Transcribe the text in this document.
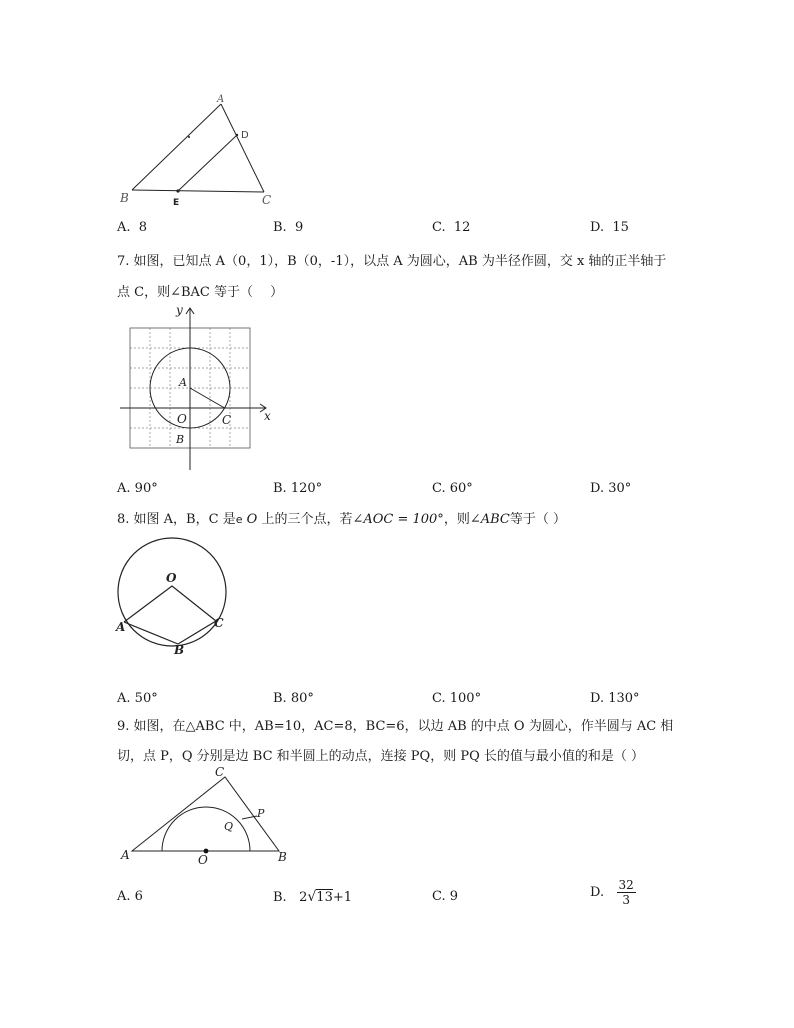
A
D
B	E	C
A. 8	B. 9	C. 12	D. 15
7. 如图，已知点 A（0，1），B（0，-1），以点 A 为圆心，AB 为半径作圆，交 x 轴的正半轴于
点 C，则∠BAC 等于（　 ）
y
x
A
O	C
B
A. 90°	B. 120°	C. 60°	D. 30°
8. 如图 A，B，C 是e O 上的三个点，若∠AOC = 100°，则∠ABC等于（ ）
O
A	C
B
A. 50°	B. 80°	C. 100°	D. 130°
9. 如图，在△ABC 中，AB=10，AC=8，BC=6，以边 AB 的中点 O 为圆心，作半圆与 AC 相
切，点 P，Q 分别是边 BC 和半圆上的动点，连接 PQ，则 PQ 长的值与最小值的和是（ ）
C
P
Q
A	O	B
A. 6	B. 2√13+1	C. 9	D. $\frac{32}{3}$
